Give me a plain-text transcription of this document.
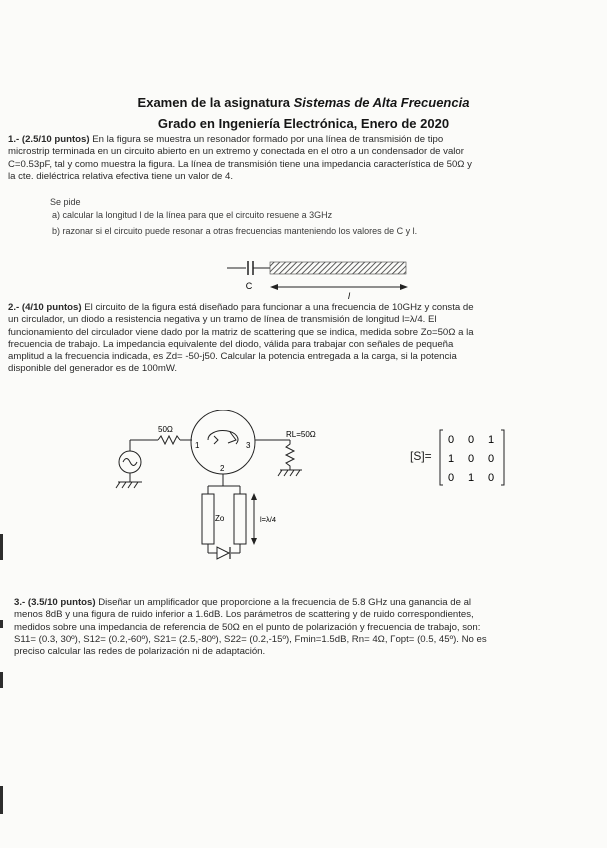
Examen de la asignatura Sistemas de Alta Frecuencia
Grado en Ingeniería Electrónica, Enero de 2020
1.- (2.5/10 puntos) En la figura se muestra un resonador formado por una línea de transmisión de tipo
microstrip terminada en un circuito abierto en un extremo y conectada en el otro a un condensador de valor
C=0.53pF, tal y como muestra la figura. La línea de transmisión tiene una impedancia característica de 50Ω y
la cte. dieléctrica relativa efectiva tiene un valor de 4.
Se pide
a) calcular la longitud l de la línea para que el circuito resuene a 3GHz
b) razonar si el circuito puede resonar a otras frecuencias manteniendo los valores de C y l.
C
l
2.- (4/10 puntos) El circuito de la figura está diseñado para funcionar a una frecuencia de 10GHz y consta de
un circulador, un diodo a resistencia negativa y un tramo de línea de transmisión de longitud l=λ/4. El
funcionamiento del circulador viene dado por la matriz de scattering que se indica, medida sobre Zo=50Ω a la
frecuencia de trabajo. La impedancia equivalente del diodo, válida para trabajar con señales de pequeña
amplitud a la frecuencia indicada, es Zd= -50-j50. Calcular la potencia entregada a la carga, si la potencia
disponible del generador es de 100mW.
50Ω
1	3
2
RL=50Ω
Zo	l=λ/4
[S]=
0 0 1
1 0 0
0 1 0
3.- (3.5/10 puntos) Diseñar un amplificador que proporcione a la frecuencia de 5.8 GHz una ganancia de al
menos 8dB y una figura de ruido inferior a 1.6dB. Los parámetros de scattering y de ruido correspondientes,
medidos sobre una impedancia de referencia de 50Ω en el punto de polarización y frecuencia de trabajo, son:
S11= (0.3, 30º), S12= (0.2,-60º), S21= (2.5,-80º), S22= (0.2,-15º), Fmin=1.5dB, Rn= 4Ω, Γopt= (0.5, 45º). No es
preciso calcular las redes de polarización ni de adaptación.
